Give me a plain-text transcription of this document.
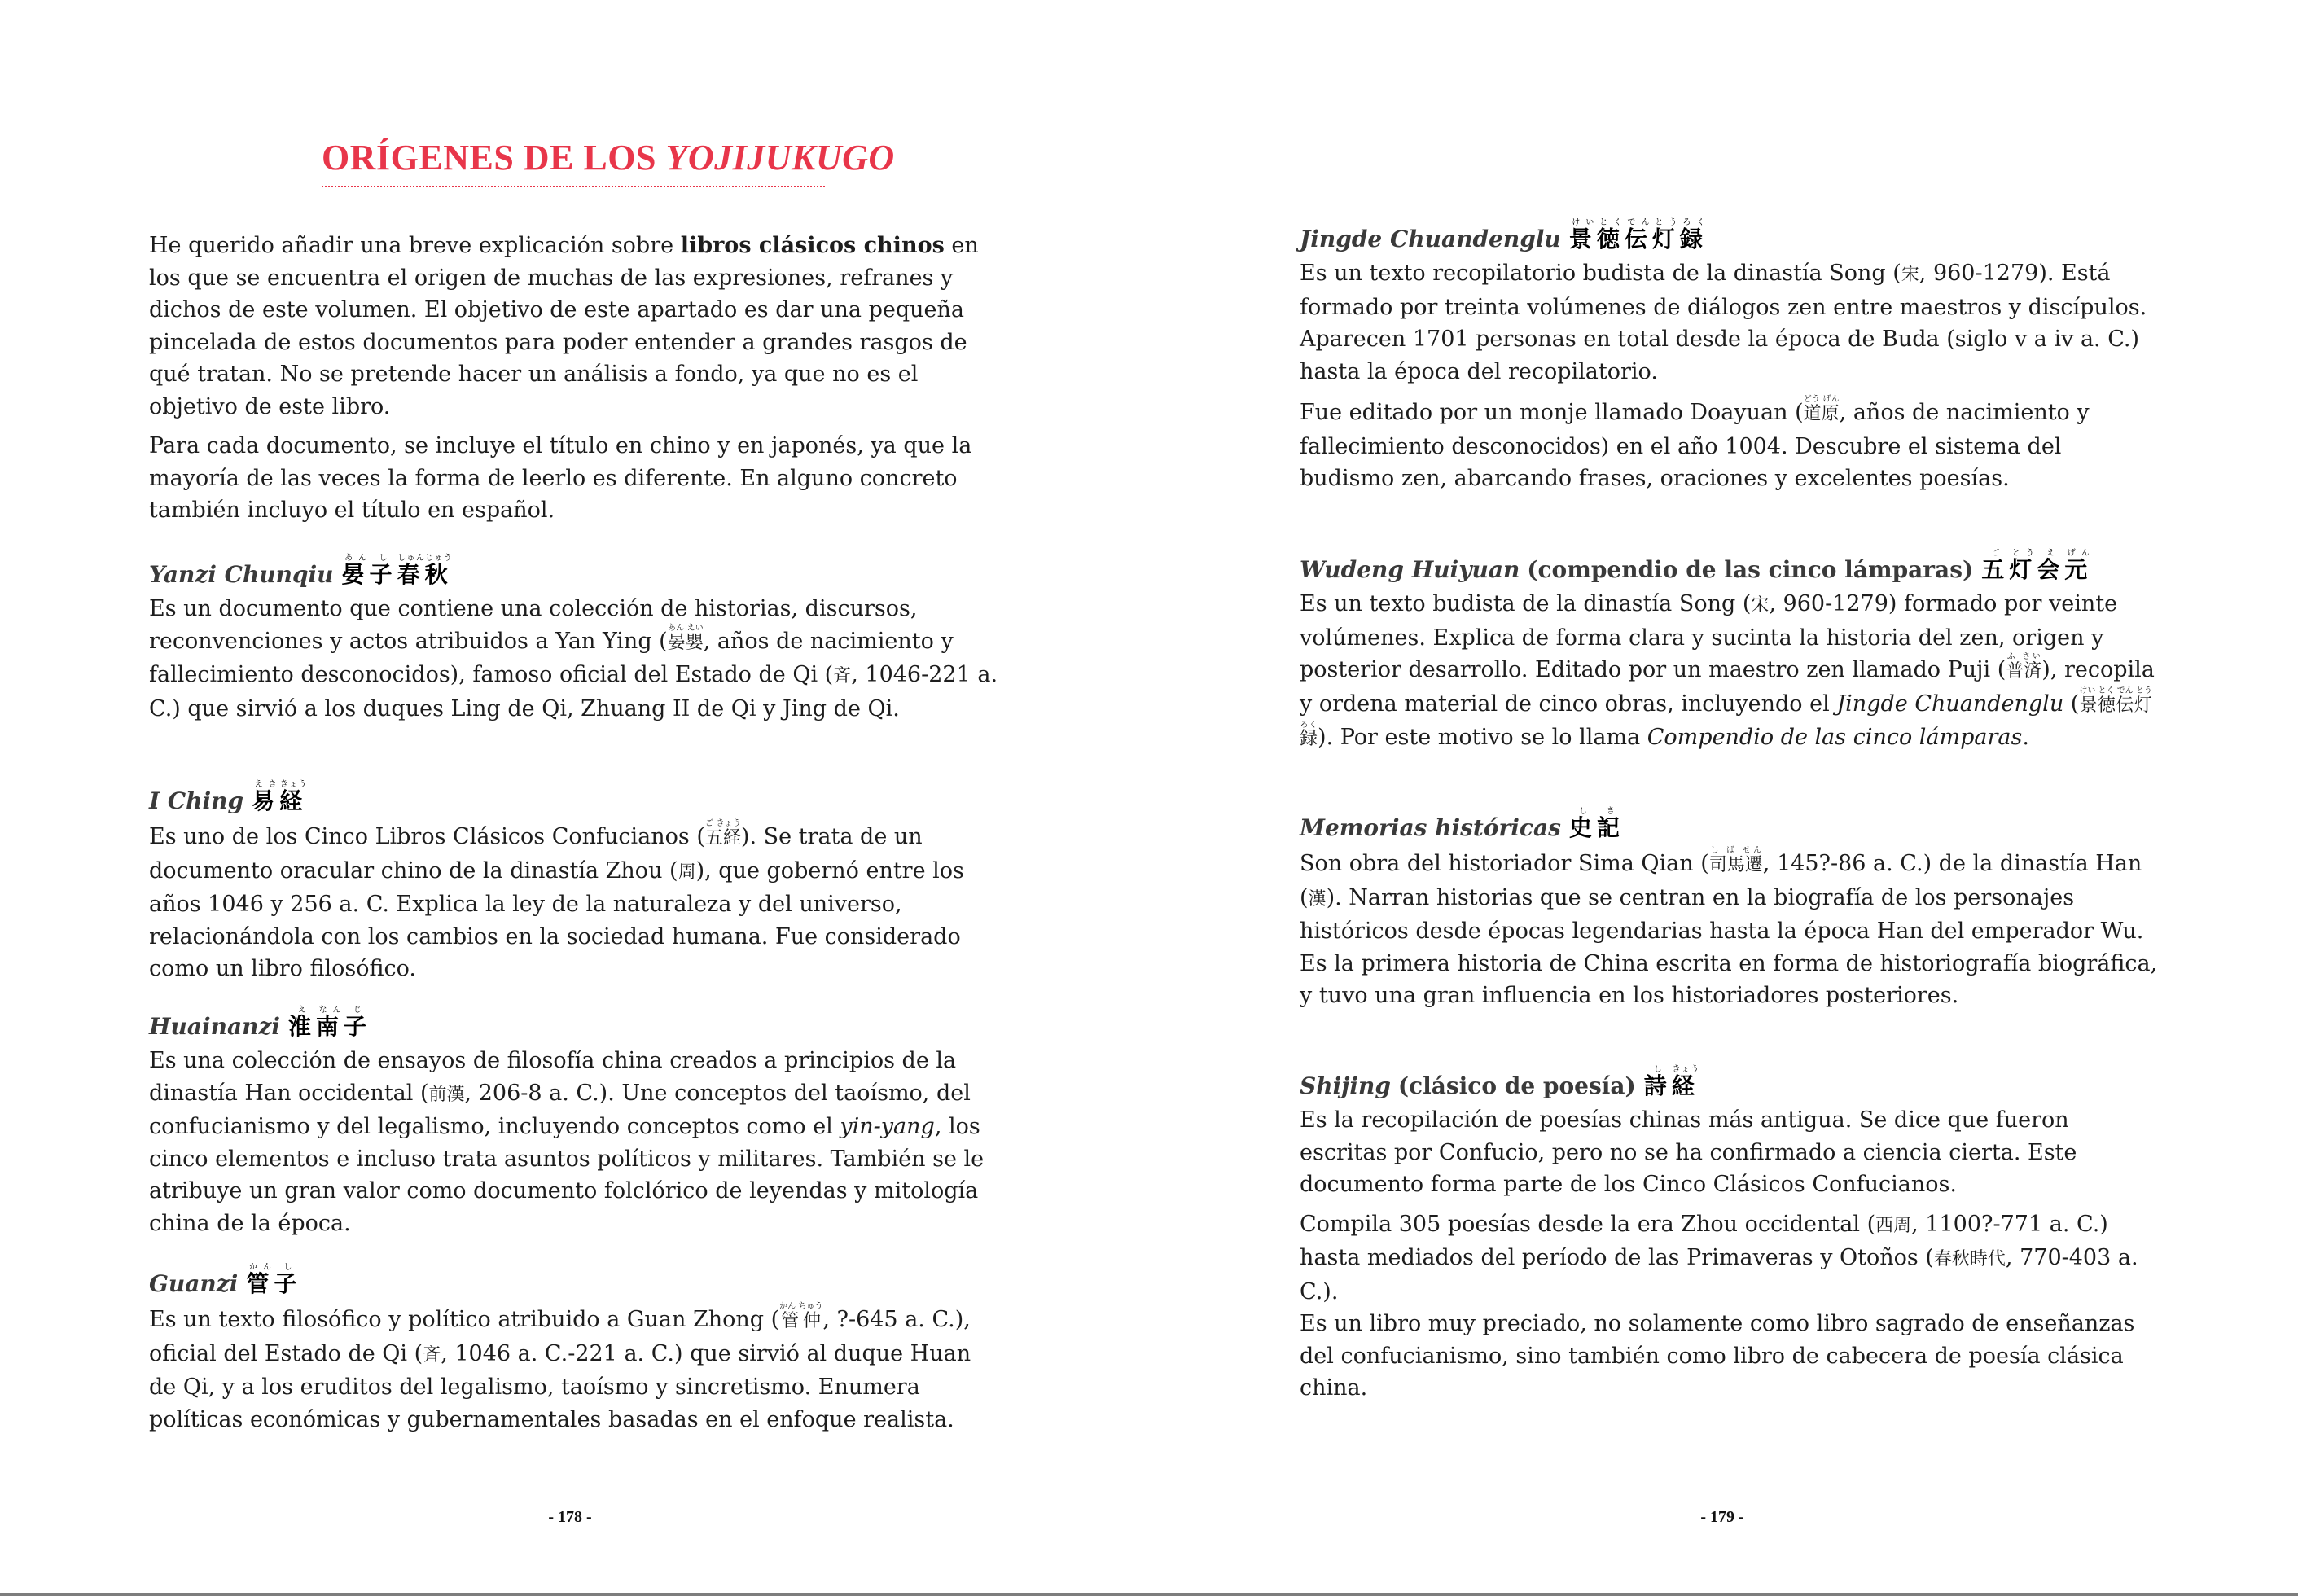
ORÍGENES DE LOS YOJIJUKUGO

He querido añadir una breve explicación sobre libros clásicos chinos en los que se encuentra el origen de muchas de las expresiones, refranes y dichos de este volumen. El objetivo de este apartado es dar una pequeña pincelada de estos documentos para poder entender a grandes rasgos de qué tratan. No se pretende hacer un análisis a fondo, ya que no es el objetivo de este libro.

Para cada documento, se incluye el título en chino y en japonés, ya que la mayoría de las veces la forma de leerlo es diferente. En alguno concreto también incluyo el título en español.

Yanzi Chunqiu 晏あん子し春しゅん秋じゅう

Es un documento que contiene una colección de historias, discursos, reconvenciones y actos atribuidos a Yan Ying (晏嬰あん えい, años de nacimiento y fallecimiento desconocidos), famoso oficial del Estado de Qi (斉, 1046-221 a. C.) que sirvió a los duques Ling de Qi, Zhuang II de Qi y Jing de Qi.

I Ching 易えき経きょう

Es uno de los Cinco Libros Clásicos Confucianos (五経ご きょう). Se trata de un documento oracular chino de la dinastía Zhou (周), que gobernó entre los años 1046 y 256 a. C. Explica la ley de la naturaleza y del universo, relacionándola con los cambios en la sociedad humana. Fue considerado como un libro filosófico.

Huainanzi 淮え南なん子じ

Es una colección de ensayos de filosofía china creados a principios de la dinastía Han occidental (前漢, 206-8 a. C.). Une conceptos del taoísmo, del confucianismo y del legalismo, incluyendo conceptos como el yin-yang, los cinco elementos e incluso trata asuntos políticos y militares. También se le atribuye un gran valor como documento folclórico de leyendas y mitología china de la época.

Guanzi 管かん子し

Es un texto filosófico y político atribuido a Guan Zhong (管仲かん ちゅう, ?-645 a. C.), oficial del Estado de Qi (斉, 1046 a. C.-221 a. C.) que sirvió al duque Huan de Qi, y a los eruditos del legalismo, taoísmo y sincretismo. Enumera políticas económicas y gubernamentales basadas en el enfoque realista.

- 178 -
Jingde Chuandenglu 景けい徳とく伝でん灯とう録ろく

Es un texto recopilatorio budista de la dinastía Song (宋, 960-1279). Está formado por treinta volúmenes de diálogos zen entre maestros y discípulos. Aparecen 1701 personas en total desde la época de Buda (siglo v a iv a. C.) hasta la época del recopilatorio.

Fue editado por un monje llamado Doayuan (道原どう げん, años de nacimiento y fallecimiento desconocidos) en el año 1004. Descubre el sistema del budismo zen, abarcando frases, oraciones y excelentes poesías.

Wudeng Huiyuan (compendio de las cinco lámparas) 五ご灯とう会え元げん

Es un texto budista de la dinastía Song (宋, 960-1279) formado por veinte volúmenes. Explica de forma clara y sucinta la historia del zen, origen y posterior desarrollo. Editado por un maestro zen llamado Puji (普済ふ さい), recopila y ordena material de cinco obras, incluyendo el Jingde Chuandenglu (景徳伝灯録けい とく でん とう ろく ). Por este motivo se lo llama Compendio de las cinco lámparas.

Memorias históricas 史し記き

Son obra del historiador Sima Qian (司馬遷し ば せん, 145?-86 a. C.) de la dinastía Han (漢). Narran historias que se centran en la biografía de los personajes históricos desde épocas legendarias hasta la época Han del emperador Wu. Es la primera historia de China escrita en forma de historiografía biográfica, y tuvo una gran influencia en los historiadores posteriores.

Shijing (clásico de poesía) 詩し経きょう

Es la recopilación de poesías chinas más antigua. Se dice que fueron escritas por Confucio, pero no se ha confirmado a ciencia cierta. Este documento forma parte de los Cinco Clásicos Confucianos.

Compila 305 poesías desde la era Zhou occidental (西周, 1100?-771 a. C.) hasta mediados del período de las Primaveras y Otoños (春秋時代, 770-403 a. C.).
Es un libro muy preciado, no solamente como libro sagrado de enseñanzas del confucianismo, sino también como libro de cabecera de poesía clásica china.

- 179 -
